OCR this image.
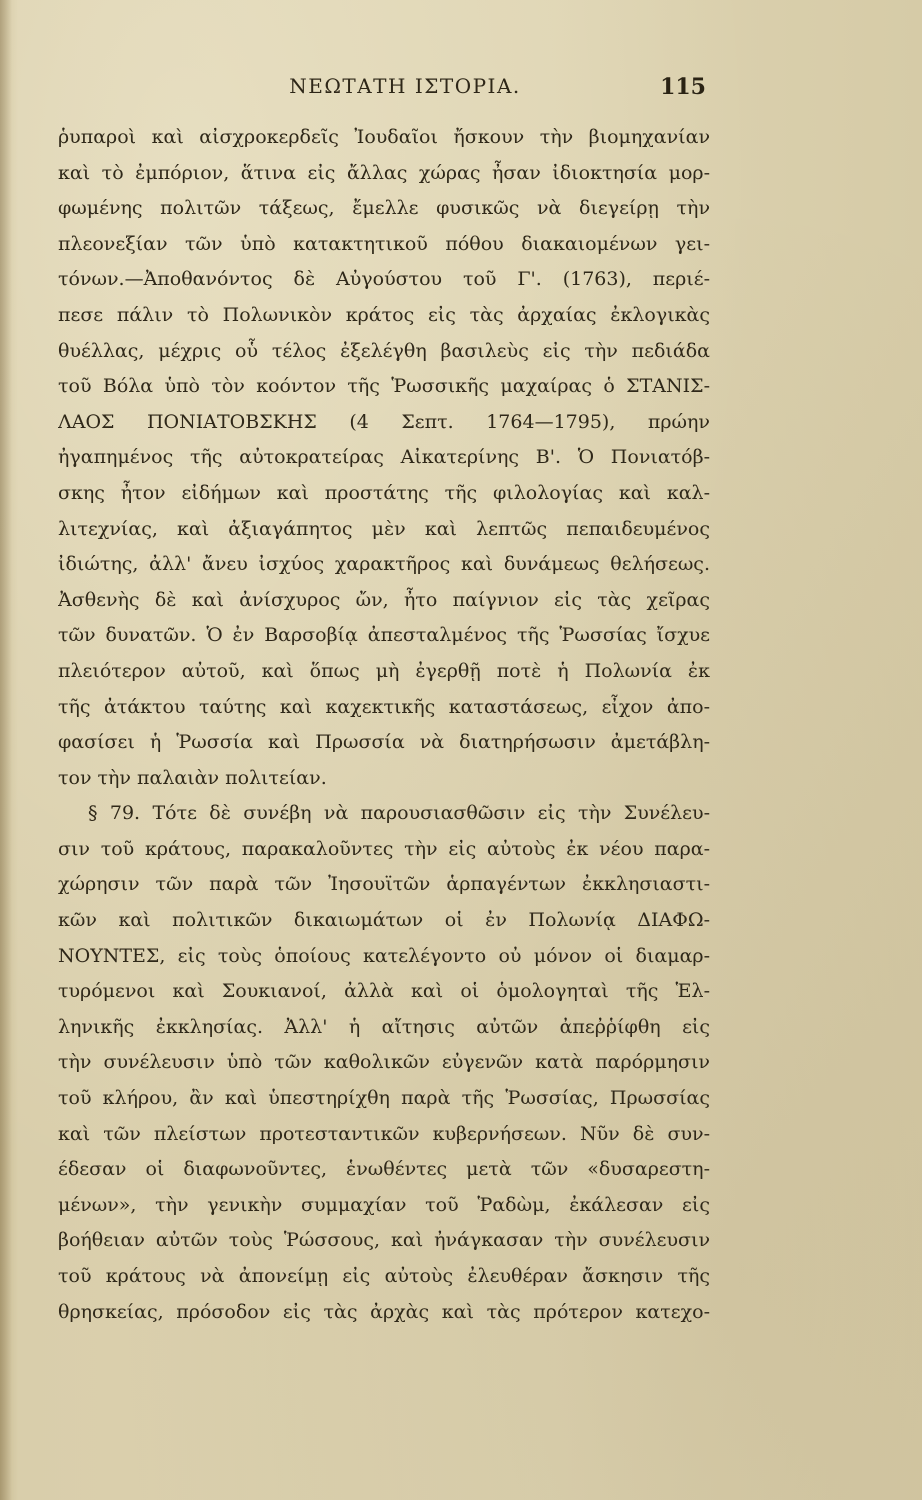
ΝΕΩΤΑΤΗ ΙΣΤΟΡΙΑ.	115
ῥυπαροὶ καὶ αἰσχροκερδεῖς Ἰουδαῖοι ἤσκουν τὴν βιομηχανίαν
καὶ τὸ ἐμπόριον, ἅτινα εἰς ἄλλας χώρας ἦσαν ἰδιοκτησία μορ-
φωμένης πολιτῶν τάξεως, ἔμελλε φυσικῶς νὰ διεγείρῃ τὴν
πλεονεξίαν τῶν ὑπὸ κατακτητικοῦ πόθου διακαιομένων γει-
τόνων.—Ἀποθανόντος δὲ Αὐγούστου τοῦ Γ'. (1763), περιέ-
πεσε πάλιν τὸ Πολωνικὸν κράτος εἰς τὰς ἀρχαίας ἐκλογικὰς
θυέλλας, μέχρις οὗ τέλος ἐξελέγθη βασιλεὺς εἰς τὴν πεδιάδα
τοῦ Βόλα ὑπὸ τὸν κοόντον τῆς Ῥωσσικῆς μαχαίρας ὁ ΣΤΑΝΙΣ-
ΛΑΟΣ ΠΟΝΙΑΤΟΒΣΚΗΣ (4 Σεπτ. 1764—1795), πρώην
ἠγαπημένος τῆς αὐτοκρατείρας Αἰκατερίνης Β'. Ὁ Πονιατόβ-
σκης ἦτον εἰδήμων καὶ προστάτης τῆς φιλολογίας καὶ καλ-
λιτεχνίας, καὶ ἀξιαγάπητος μὲν καὶ λεπτῶς πεπαιδευμένος
ἰδιώτης, ἀλλ' ἄνευ ἰσχύος χαρακτῆρος καὶ δυνάμεως θελήσεως.
Ἀσθενὴς δὲ καὶ ἀνίσχυρος ὤν, ἦτο παίγνιον εἰς τὰς χεῖρας
τῶν δυνατῶν. Ὁ ἐν Βαρσοβίᾳ ἀπεσταλμένος τῆς Ῥωσσίας ἴσχυε
πλειότερον αὐτοῦ, καὶ ὅπως μὴ ἐγερθῇ ποτὲ ἡ Πολωνία ἐκ
τῆς ἀτάκτου ταύτης καὶ καχεκτικῆς καταστάσεως, εἶχον ἀπο-
φασίσει ἡ Ῥωσσία καὶ Πρωσσία νὰ διατηρήσωσιν ἀμετάβλη-
τον τὴν παλαιὰν πολιτείαν.
§ 79. Τότε δὲ συνέβη νὰ παρουσιασθῶσιν εἰς τὴν Συνέλευ-
σιν τοῦ κράτους, παρακαλοῦντες τὴν εἰς αὐτοὺς ἐκ νέου παρα-
χώρησιν τῶν παρὰ τῶν Ἰησουϊτῶν ἁρπαγέντων ἐκκλησιαστι-
κῶν καὶ πολιτικῶν δικαιωμάτων οἱ ἐν Πολωνίᾳ ΔΙΑΦΩ-
ΝΟΥΝΤΕΣ, εἰς τοὺς ὁποίους κατελέγοντο οὐ μόνον οἱ διαμαρ-
τυρόμενοι καὶ Σουκιανοί, ἀλλὰ καὶ οἱ ὁμολογηταὶ τῆς Ἑλ-
ληνικῆς ἐκκλησίας. Ἀλλ' ἡ αἴτησις αὐτῶν ἀπεῤῥίφθη εἰς
τὴν συνέλευσιν ὑπὸ τῶν καθολικῶν εὐγενῶν κατὰ παρόρμησιν
τοῦ κλήρου, ἂν καὶ ὑπεστηρίχθη παρὰ τῆς Ῥωσσίας, Πρωσσίας
καὶ τῶν πλείστων προτεσταντικῶν κυβερνήσεων. Νῦν δὲ συν-
έδεσαν οἱ διαφωνοῦντες, ἑνωθέντες μετὰ τῶν «δυσαρεστη-
μένων», τὴν γενικὴν συμμαχίαν τοῦ Ῥαδὼμ, ἐκάλεσαν εἰς
βοήθειαν αὐτῶν τοὺς Ῥώσσους, καὶ ἠνάγκασαν τὴν συνέλευσιν
τοῦ κράτους νὰ ἀπονείμῃ εἰς αὐτοὺς ἐλευθέραν ἄσκησιν τῆς
θρησκείας, πρόσοδον εἰς τὰς ἀρχὰς καὶ τὰς πρότερον κατεχο-
